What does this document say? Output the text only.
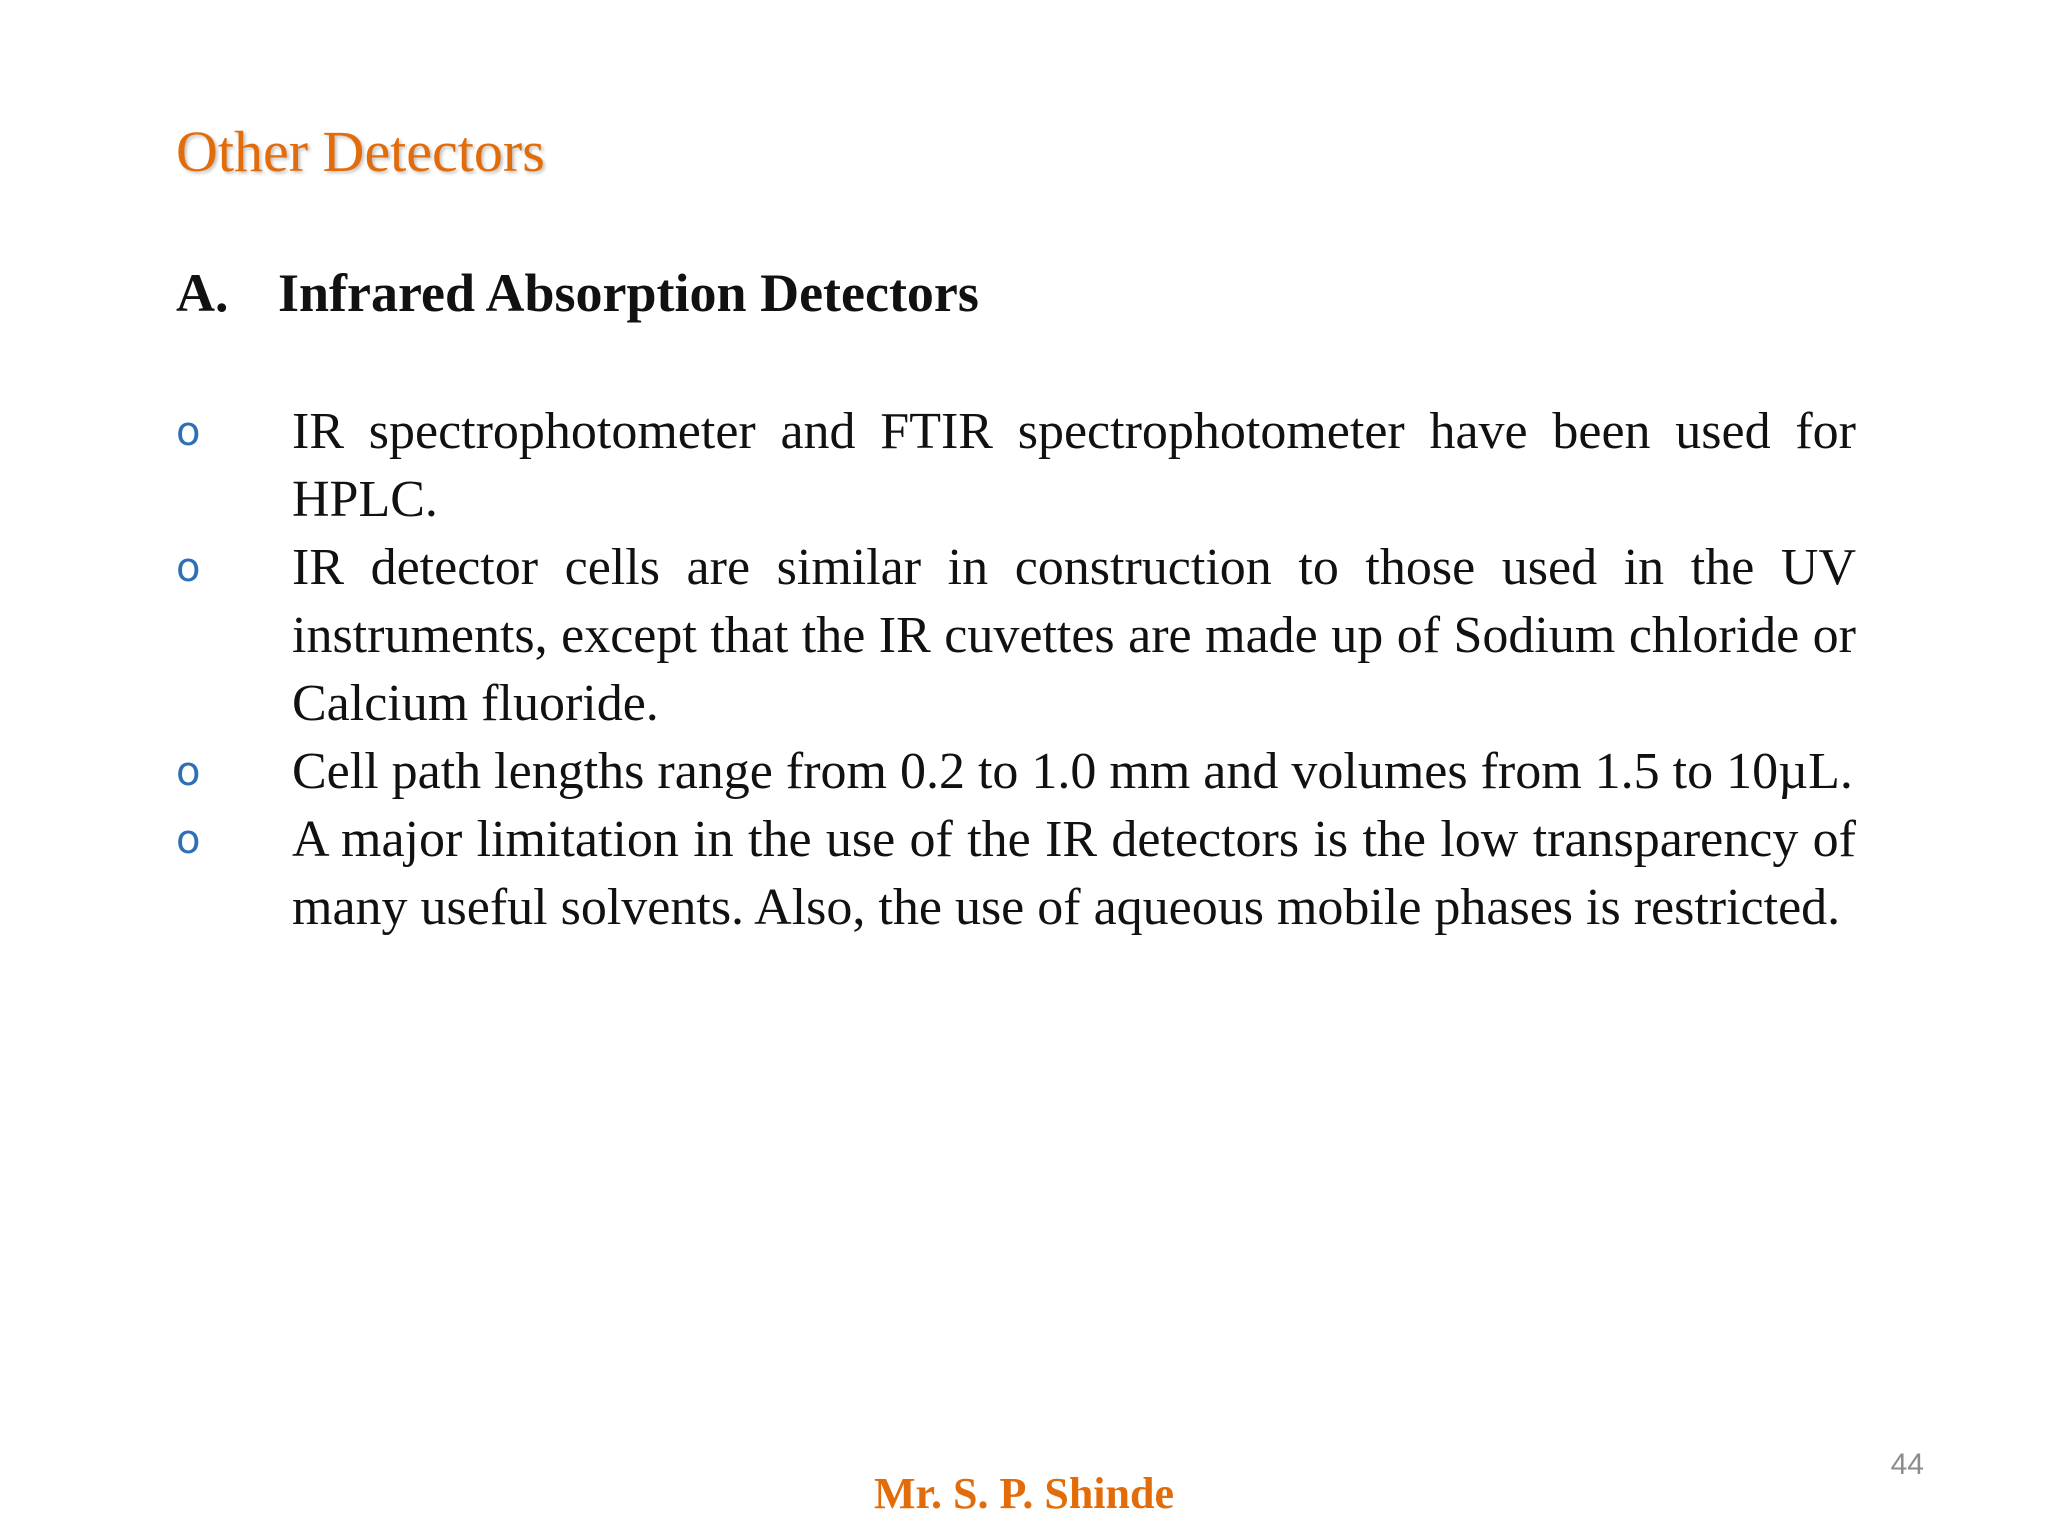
Other Detectors
A. Infrared Absorption Detectors
o IR spectrophotometer and FTIR spectrophotometer have been used for HPLC.
o IR detector cells are similar in construction to those used in the UV instruments, except that the IR cuvettes are made up of Sodium chloride or Calcium fluoride.
o Cell path lengths range from 0.2 to 1.0 mm and volumes from 1.5 to 10µL.
o A major limitation in the use of the IR detectors is the low transparency of many useful solvents. Also, the use of aqueous mobile phases is restricted.
Mr. S. P. Shinde
44
